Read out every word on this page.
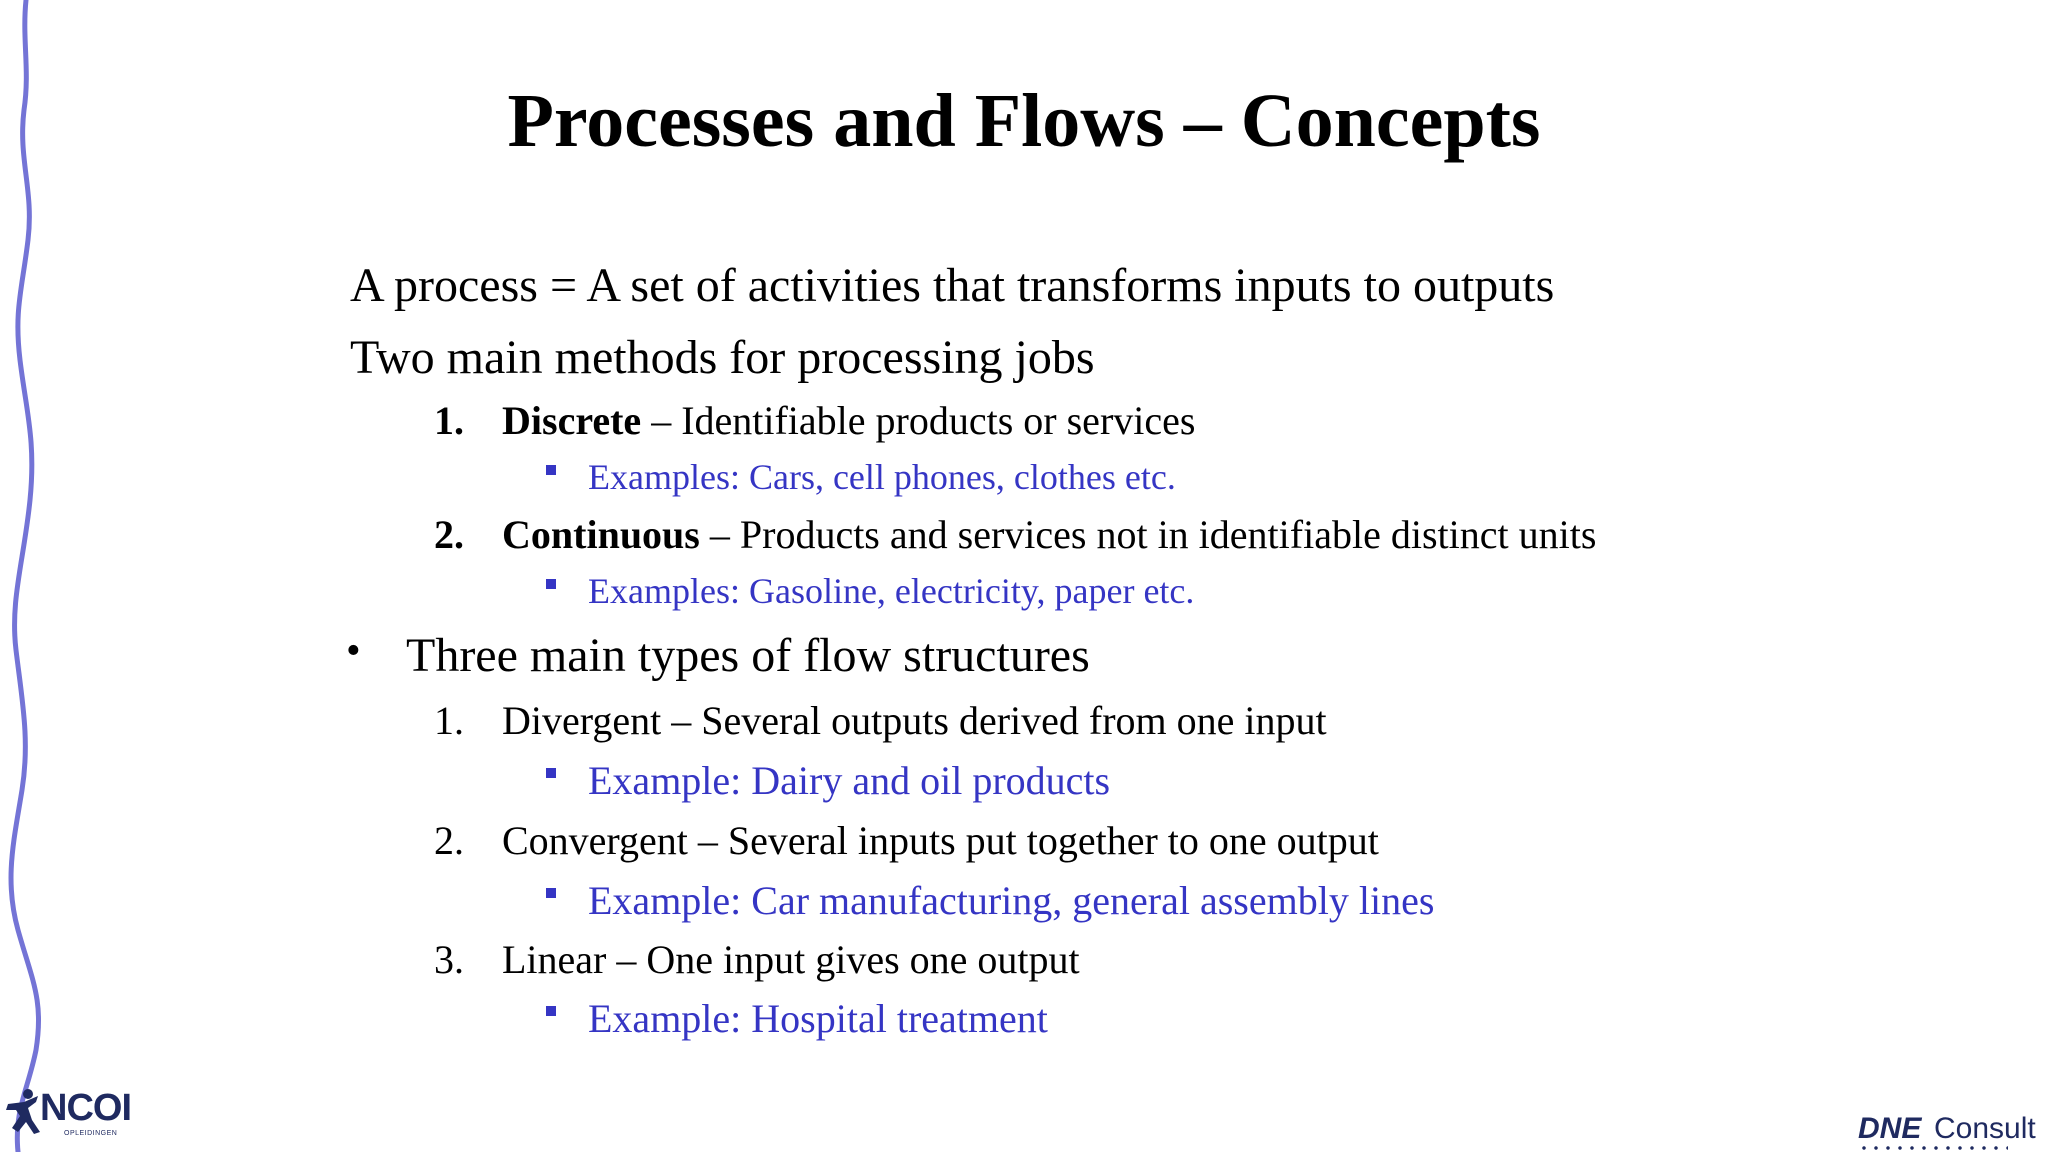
Processes and Flows – Concepts
A process = A set of activities that transforms inputs to outputs
Two main methods for processing jobs
1. Discrete – Identifiable products or services
Examples: Cars, cell phones, clothes etc.
2. Continuous – Products and services not in identifiable distinct units
Examples: Gasoline, electricity, paper etc.
• Three main types of flow structures
1. Divergent – Several outputs derived from one input
Example: Dairy and oil products
2. Convergent – Several inputs put together to one output
Example: Car manufacturing, general assembly lines
3. Linear – One input gives one output
Example: Hospital treatment
NCOI
OPLEIDINGEN	DNE Consult
